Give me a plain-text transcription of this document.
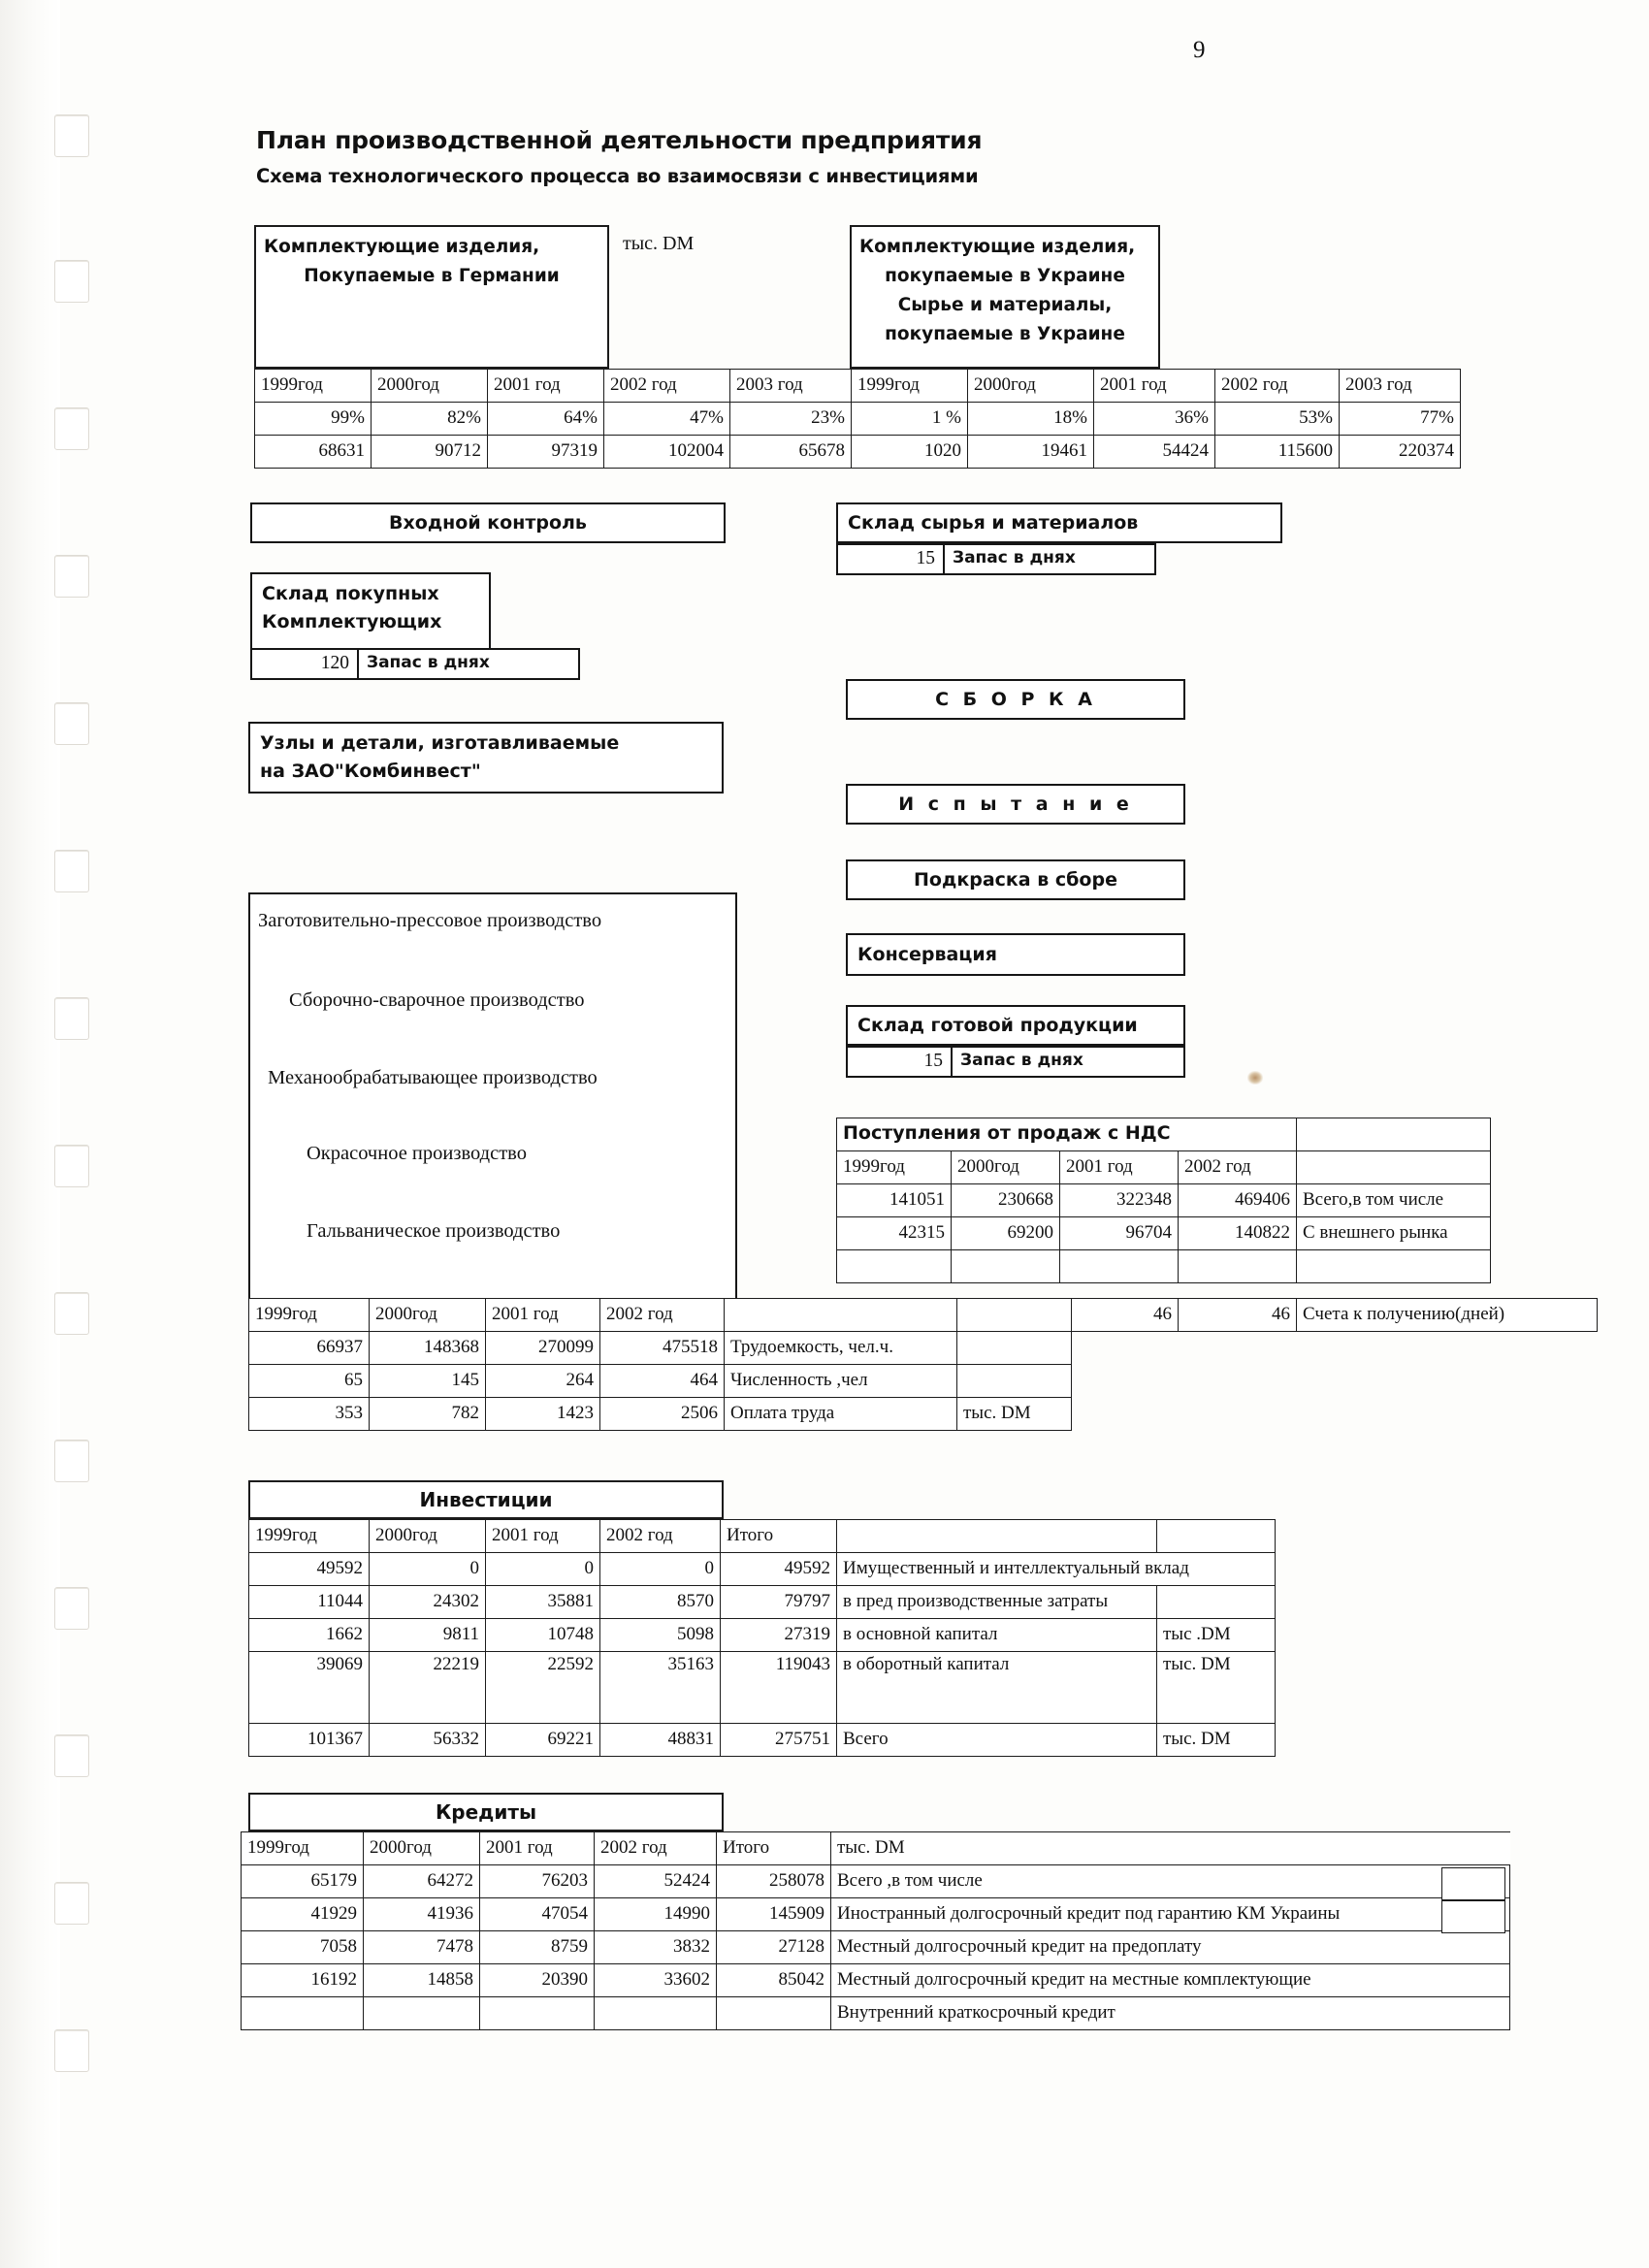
9
План производственной деятельности предприятия
Схема технологического процесса во взаимосвязи с инвестициями
Комплектующие изделия,
Покупаемые в Германии
тыс. DM	Комплектующие изделия,
покупаемые в Украине
Сырье и материалы,
покупаемые в Украине
1999год	2000год	2001 год	2002 год	2003 год	1999год	2000год	2001 год	2002 год	2003 год
99%	82%	64%	47%	23%	1 %	18%	36%	53%	77%
68631	90712	97319	102004	65678	1020	19461	54424	115600	220374
Входной контроль	Склад сырья и материалов
15	Запас в днях
Склад покупных
Комплектующих
120	Запас в днях
С Б О Р К А
Узлы и детали, изготавливаемые
на ЗАО"Комбинвест"
И с п ы т а н и е
Подкраска в сборе
Консервация
Склад готовой продукции
15	Запас в днях
Заготовительно-прессовое производство
Сборочно-сварочное производство
Механообрабатывающее производство
Окрасочное производство
Гальваническое производство
Поступления от продаж с НДС				
1999год	2000год	2001 год	2002 год	
141051	230668	322348	469406	Всего,в том числе
42315	69200	96704	140822	С внешнего рынка

		46	46	Счета к получению(дней)
1999год	2000год	2001 год	2002 год		
66937	148368	270099	475518	Трудоемкость, чел.ч.	
65	145	264	464	Численность ,чел	
353	782	1423	2506	Оплата труда	тыс. DM
Инвестиции
1999год	2000год	2001 год	2002 год	Итого		
49592	0	0	0	49592	Имущественный и интеллектуальный вклад	
11044	24302	35881	8570	79797	в пред производственные затраты	
1662	9811	10748	5098	27319	в основной капитал	тыс .DM
39069	22219	22592	35163	119043	в оборотный капитал	тыс. DM
101367	56332	69221	48831	275751	Всего	тыс. DM
Кредиты
1999год	2000год	2001 год	2002 год	Итого	тыс. DM
65179	64272	76203	52424	258078	Всего ,в том числе
41929	41936	47054	14990	145909	Иностранный долгосрочный кредит под гарантию КМ Украины
7058	7478	8759	3832	27128	Местный долгосрочный кредит на предоплату
16192	14858	20390	33602	85042	Местный долгосрочный кредит на местные комплектующие
					Внутренний краткосрочный кредит
